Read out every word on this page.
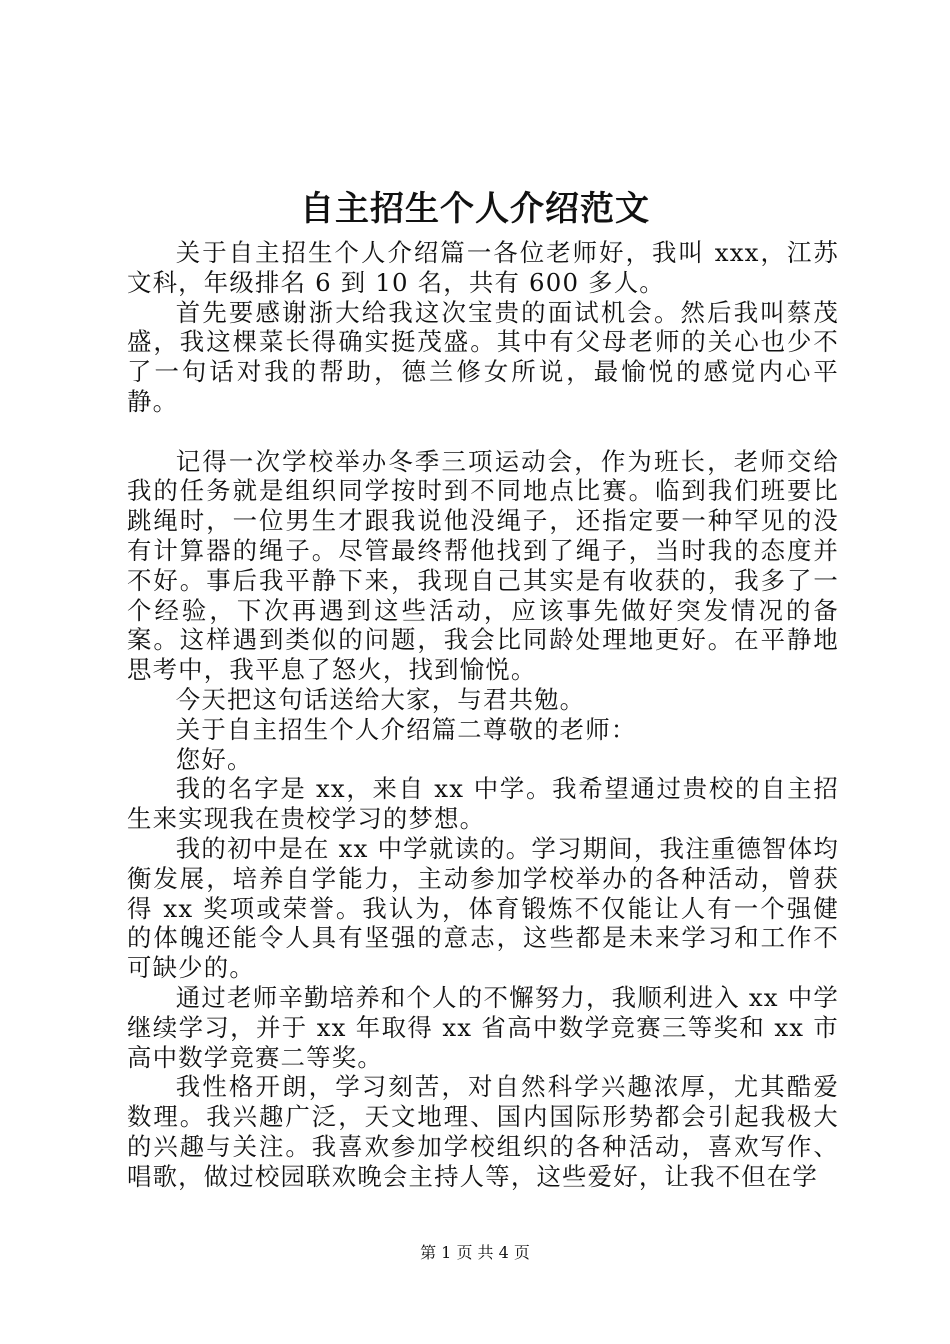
自主招生个人介绍范文

关于自主招生个人介绍篇一各位老师好，我叫 xxx，江苏文科，年级排名 6 到 10 名，共有 600 多人。

首先要感谢浙大给我这次宝贵的面试机会。然后我叫蔡茂盛，我这棵菜长得确实挺茂盛。其中有父母老师的关心也少不了一句话对我的帮助，德兰修女所说，最愉悦的感觉内心平静。

记得一次学校举办冬季三项运动会，作为班长，老师交给我的任务就是组织同学按时到不同地点比赛。临到我们班要比跳绳时，一位男生才跟我说他没绳子，还指定要一种罕见的没有计算器的绳子。尽管最终帮他找到了绳子，当时我的态度并不好。事后我平静下来，我现自己其实是有收获的，我多了一个经验，下次再遇到这些活动，应该事先做好突发情况的备案。这样遇到类似的问题，我会比同龄处理地更好。在平静地思考中，我平息了怒火，找到愉悦。

今天把这句话送给大家，与君共勉。

关于自主招生个人介绍篇二尊敬的老师：

您好。

我的名字是 xx，来自 xx 中学。我希望通过贵校的自主招生来实现我在贵校学习的梦想。

我的初中是在 xx 中学就读的。学习期间，我注重德智体均衡发展，培养自学能力，主动参加学校举办的各种活动，曾获得 xx 奖项或荣誉。我认为，体育锻炼不仅能让人有一个强健的体魄还能令人具有坚强的意志，这些都是未来学习和工作不可缺少的。

通过老师辛勤培养和个人的不懈努力，我顺利进入 xx 中学继续学习，并于 xx 年取得 xx 省高中数学竞赛三等奖和 xx 市高中数学竞赛二等奖。

我性格开朗，学习刻苦，对自然科学兴趣浓厚，尤其酷爱数理。我兴趣广泛，天文地理、国内国际形势都会引起我极大的兴趣与关注。我喜欢参加学校组织的各种活动，喜欢写作、唱歌，做过校园联欢晚会主持人等，这些爱好，让我不但在学

第 1 页 共 4 页
